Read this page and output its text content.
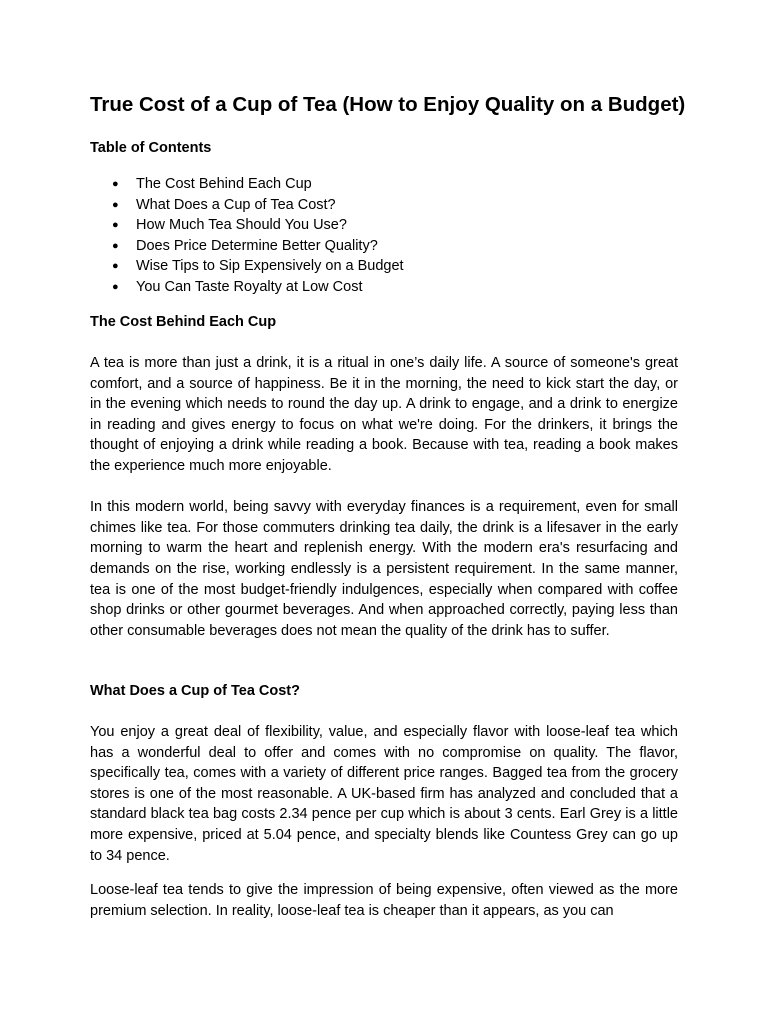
True Cost of a Cup of Tea (How to Enjoy Quality on a Budget)
Table of Contents
● The Cost Behind Each Cup
● What Does a Cup of Tea Cost?
● How Much Tea Should You Use?
● Does Price Determine Better Quality?
● Wise Tips to Sip Expensively on a Budget
● You Can Taste Royalty at Low Cost
The Cost Behind Each Cup

A tea is more than just a drink, it is a ritual in one’s daily life. A source of someone's great comfort, and a source of happiness. Be it in the morning, the need to kick start the day, or in the evening which needs to round the day up. A drink to engage, and a drink to energize in reading and gives energy to focus on what we're doing. For the drinkers, it brings the thought of enjoying a drink while reading a book. Because with tea, reading a book makes the experience much more enjoyable.

In this modern world, being savvy with everyday finances is a requirement, even for small chimes like tea. For those commuters drinking tea daily, the drink is a lifesaver in the early morning to warm the heart and replenish energy. With the modern era's resurfacing and demands on the rise, working endlessly is a persistent requirement. In the same manner, tea is one of the most budget-friendly indulgences, especially when compared with coffee shop drinks or other gourmet beverages. And when approached correctly, paying less than other consumable beverages does not mean the quality of the drink has to suffer.

What Does a Cup of Tea Cost?

You enjoy a great deal of flexibility, value, and especially flavor with loose-leaf tea which has a wonderful deal to offer and comes with no compromise on quality. The flavor, specifically tea, comes with a variety of different price ranges. Bagged tea from the grocery stores is one of the most reasonable. A UK-based firm has analyzed and concluded that a standard black tea bag costs 2.34 pence per cup which is about 3 cents. Earl Grey is a little more expensive, priced at 5.04 pence, and specialty blends like Countess Grey can go up to 34 pence.

Loose-leaf tea tends to give the impression of being expensive, often viewed as the more premium selection. In reality, loose-leaf tea is cheaper than it appears, as you can
